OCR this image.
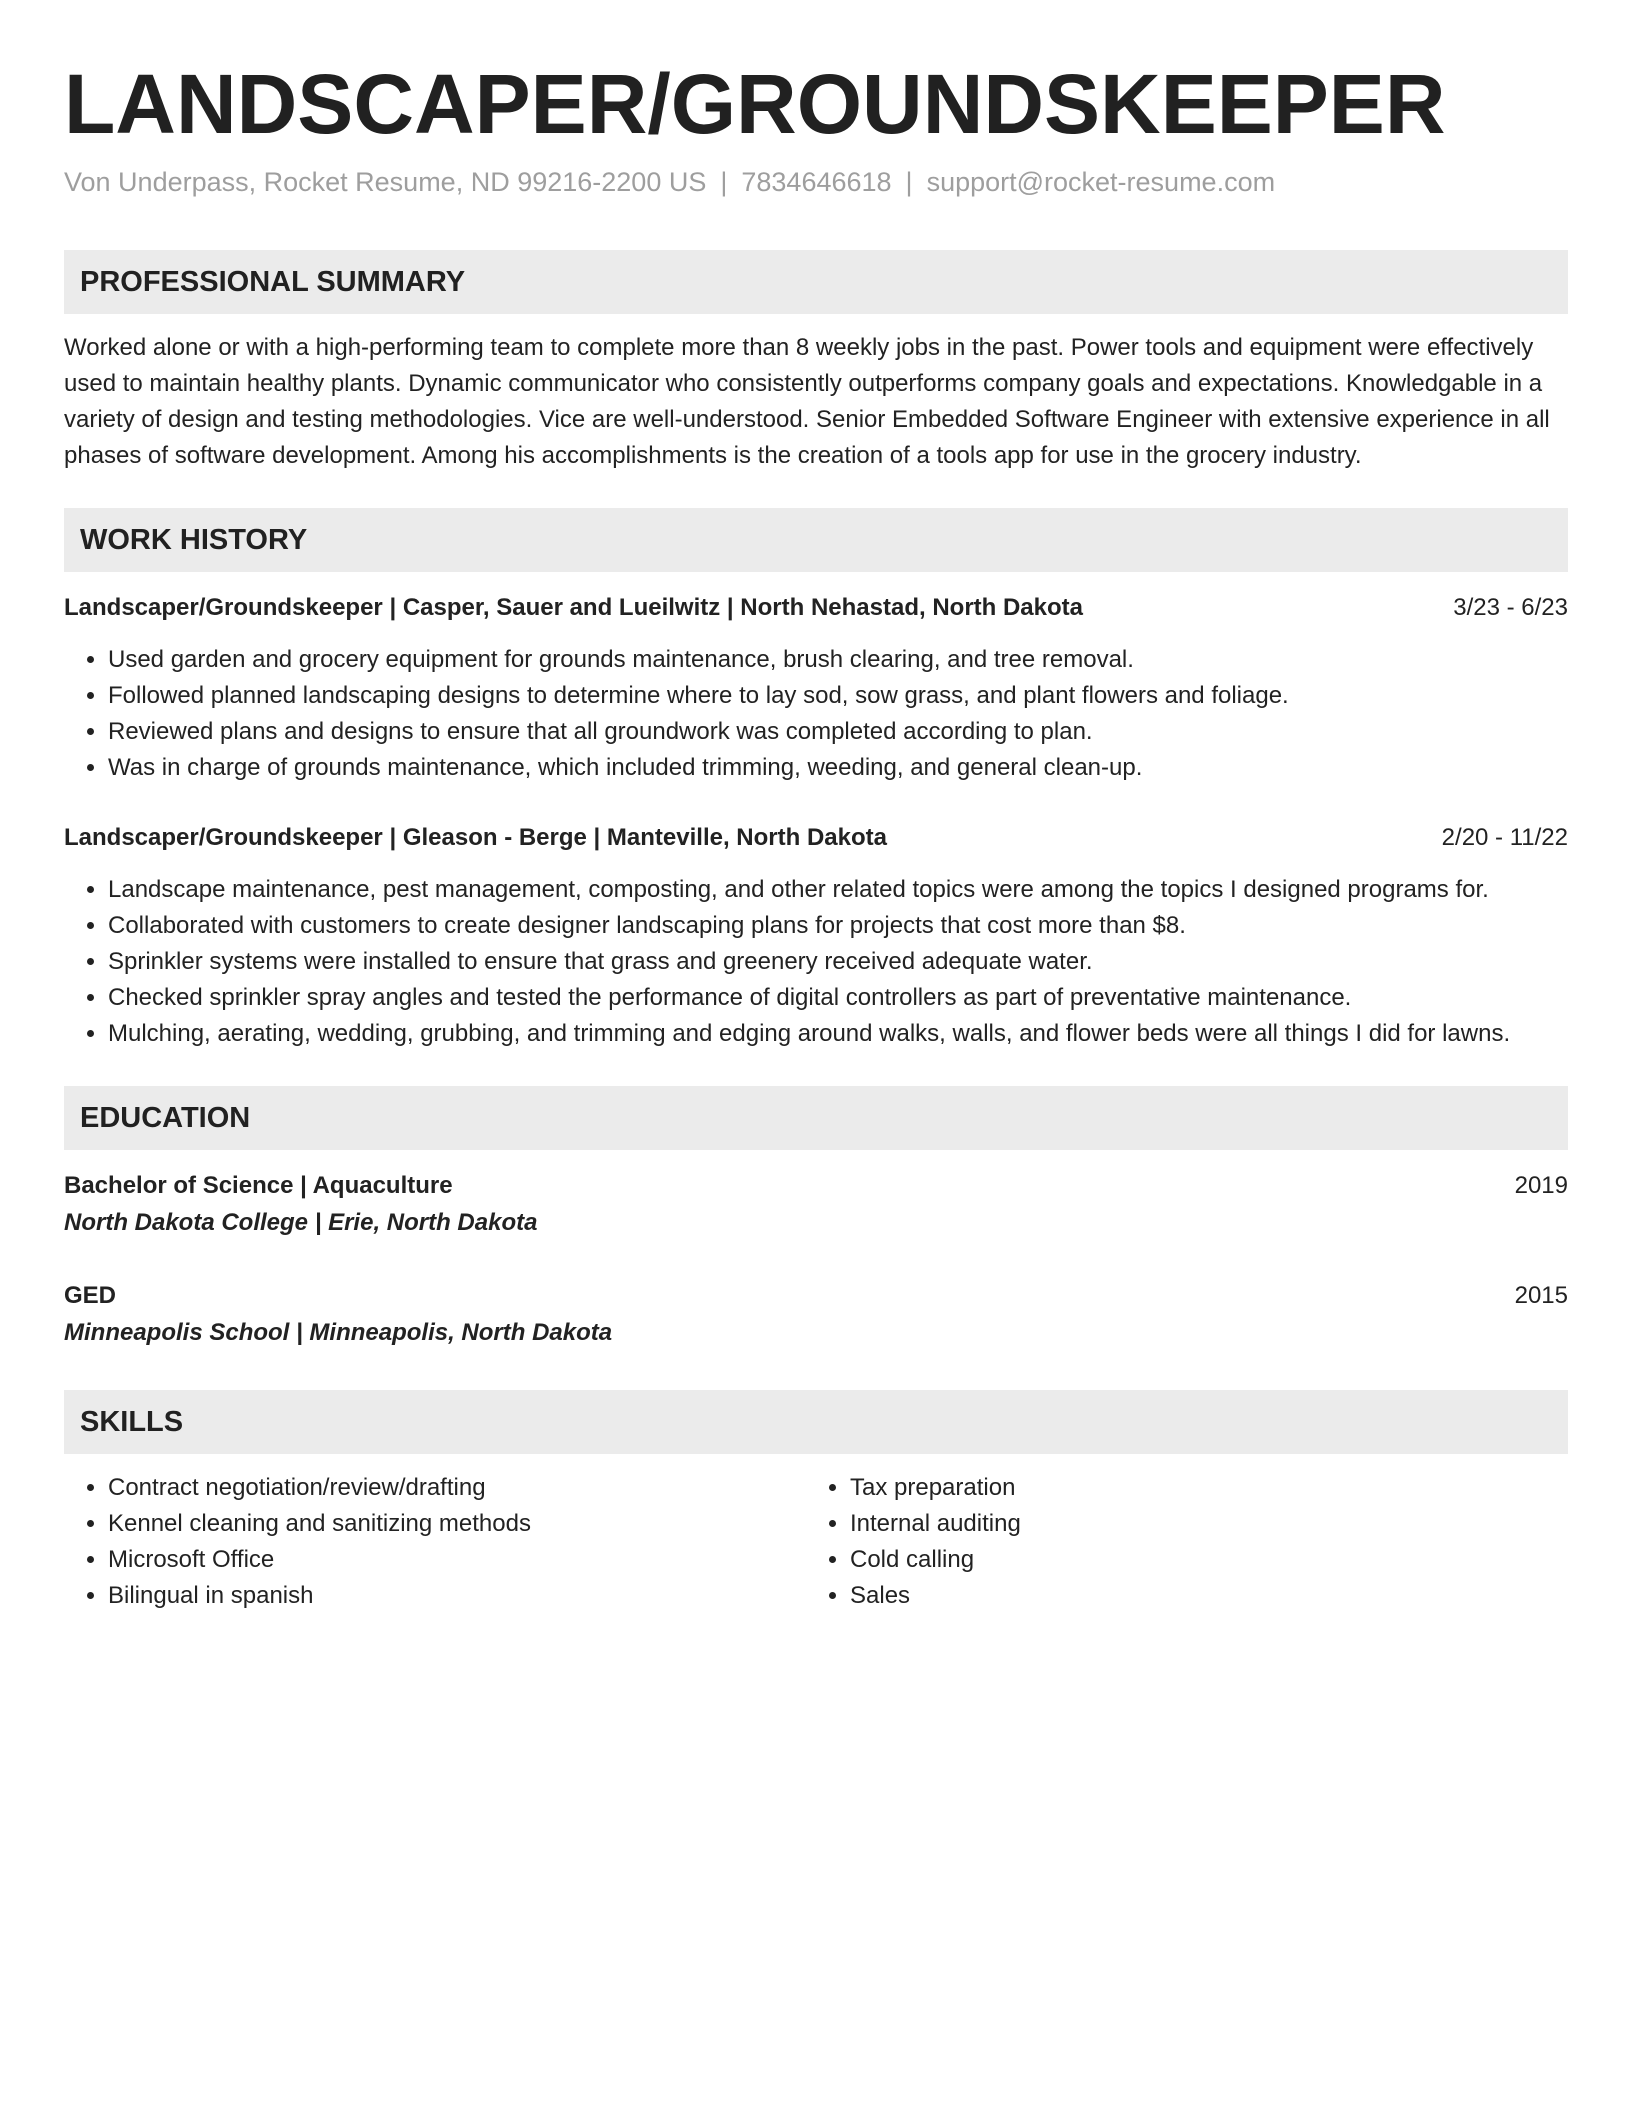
LANDSCAPER/GROUNDSKEEPER
Von Underpass, Rocket Resume, ND 99216-2200 US | 7834646618 | support@rocket-resume.com
PROFESSIONAL SUMMARY
Worked alone or with a high-performing team to complete more than 8 weekly jobs in the past. Power tools and equipment were effectively used to maintain healthy plants. Dynamic communicator who consistently outperforms company goals and expectations. Knowledgable in a variety of design and testing methodologies. Vice are well-understood. Senior Embedded Software Engineer with extensive experience in all phases of software development. Among his accomplishments is the creation of a tools app for use in the grocery industry.
WORK HISTORY
Landscaper/Groundskeeper | Casper, Sauer and Lueilwitz | North Nehastad, North Dakota	3/23 - 6/23
• Used garden and grocery equipment for grounds maintenance, brush clearing, and tree removal.
• Followed planned landscaping designs to determine where to lay sod, sow grass, and plant flowers and foliage.
• Reviewed plans and designs to ensure that all groundwork was completed according to plan.
• Was in charge of grounds maintenance, which included trimming, weeding, and general clean-up.
Landscaper/Groundskeeper | Gleason - Berge | Manteville, North Dakota	2/20 - 11/22
• Landscape maintenance, pest management, composting, and other related topics were among the topics I designed programs for.
• Collaborated with customers to create designer landscaping plans for projects that cost more than $8.
• Sprinkler systems were installed to ensure that grass and greenery received adequate water.
• Checked sprinkler spray angles and tested the performance of digital controllers as part of preventative maintenance.
• Mulching, aerating, wedding, grubbing, and trimming and edging around walks, walls, and flower beds were all things I did for lawns.
EDUCATION
Bachelor of Science | Aquaculture	2019
North Dakota College | Erie, North Dakota
GED	2015
Minneapolis School | Minneapolis, North Dakota
SKILLS
• Contract negotiation/review/drafting
• Kennel cleaning and sanitizing methods
• Microsoft Office
• Bilingual in spanish
• Tax preparation
• Internal auditing
• Cold calling
• Sales
